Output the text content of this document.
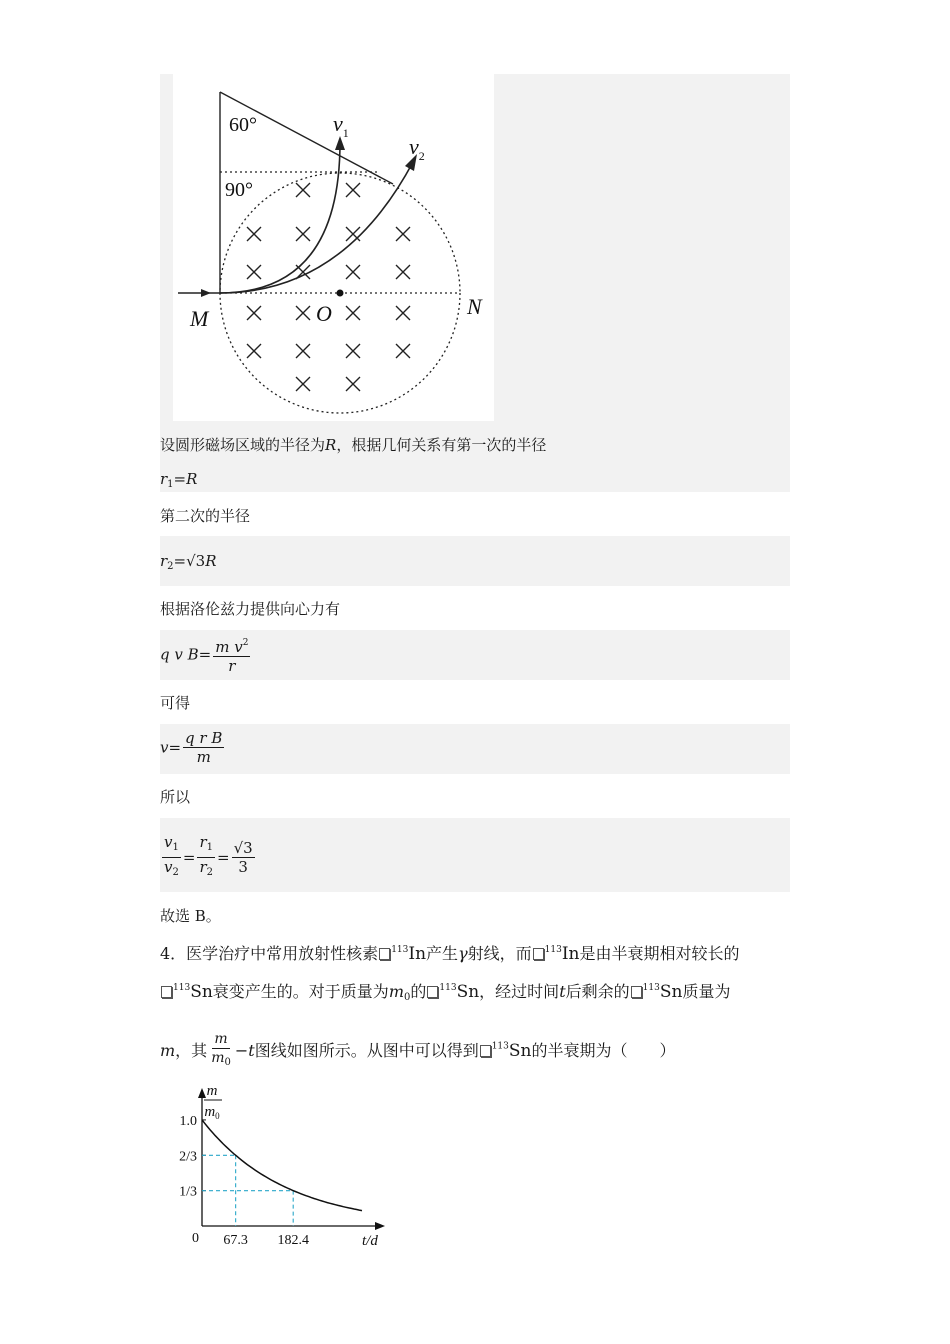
60°
90°
$v_1$
$v_2$
M	O	N
设圆形磁场区域的半径为R，根据几何关系有第一次的半径
$r_1=R$
第二次的半径
$r_2=√3R$
根据洛伦兹力提供向心力有
q v $B= \frac{m v^2}{r}$
可得
$v= \frac{\text{q r B}}{m}$
所以
$\frac{v_1}{v_2} = \frac{r_1}{r_2} = \frac{√3}{3}$
故选 B。
4．医学治疗中常用放射性核素 $^{113}$In产生γ射线，而 $^{113}$In是由半衰期相对较长的
$^{113}$Sn衰变产生的。对于质量为$m_0$的 $^{113}$Sn，经过时间t后剩余的 $^{113}$Sn质量为
m，其 $\frac{m}{m_0} -t$图线如图所示。从图中可以得到 $^{113}$Sn的半衰期为（　　）
m
$m_0$
t/d
0
1.0
2/3
1/3
67.3 182.4
